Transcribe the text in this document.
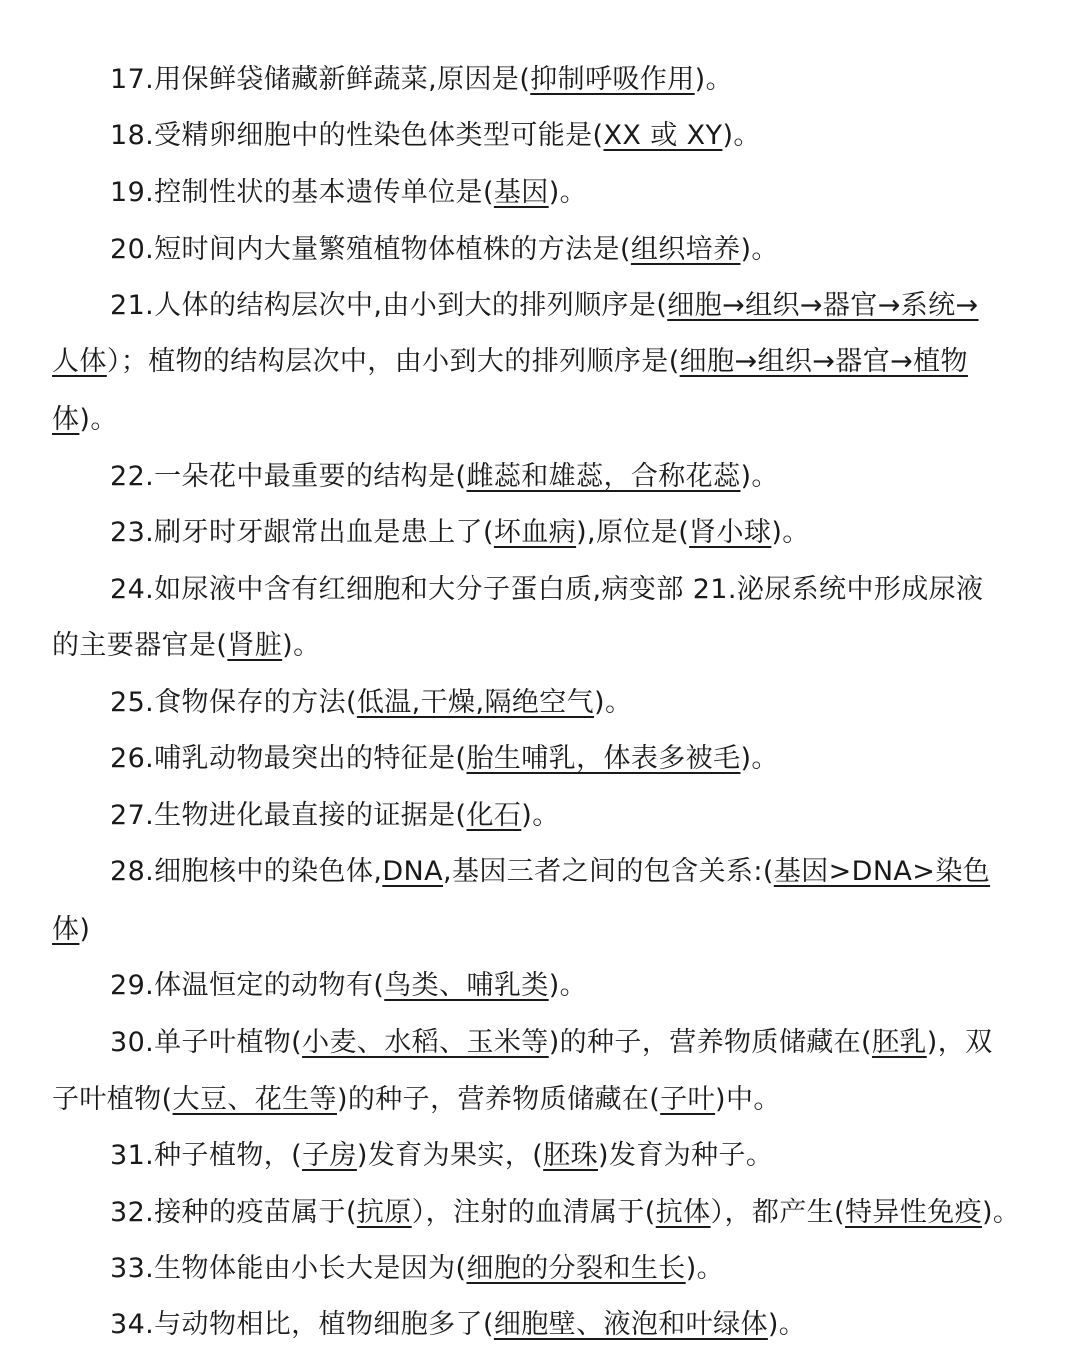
17.用保鲜袋储藏新鲜蔬菜,原因是(抑制呼吸作用)。
18.受精卵细胞中的性染色体类型可能是(XX 或 XY)。
19.控制性状的基本遗传单位是(基因)。
20.短时间内大量繁殖植物体植株的方法是(组织培养)。
21.人体的结构层次中,由小到大的排列顺序是(细胞→组织→器官→系统→
人体）；植物的结构层次中，由小到大的排列顺序是(细胞→组织→器官→植物
体)。
22.一朵花中最重要的结构是(雌蕊和雄蕊，合称花蕊)。
23.刷牙时牙龈常出血是患上了(坏血病),原位是(肾小球)。
24.如尿液中含有红细胞和大分子蛋白质,病变部 21.泌尿系统中形成尿液
的主要器官是(肾脏)。
25.食物保存的方法(低温,干燥,隔绝空气)。
26.哺乳动物最突出的特征是(胎生哺乳，体表多被毛)。
27.生物进化最直接的证据是(化石)。
28.细胞核中的染色体,DNA,基因三者之间的包含关系:(基因>DNA>染色
体)
29.体温恒定的动物有(鸟类、哺乳类)。
30.单子叶植物(小麦、水稻、玉米等)的种子，营养物质储藏在(胚乳)，双
子叶植物(大豆、花生等)的种子，营养物质储藏在(子叶)中。
31.种子植物，(子房)发育为果实，(胚珠)发育为种子。
32.接种的疫苗属于(抗原），注射的血清属于(抗体），都产生(特异性免疫)。
33.生物体能由小长大是因为(细胞的分裂和生长)。
34.与动物相比，植物细胞多了(细胞壁、液泡和叶绿体)。
